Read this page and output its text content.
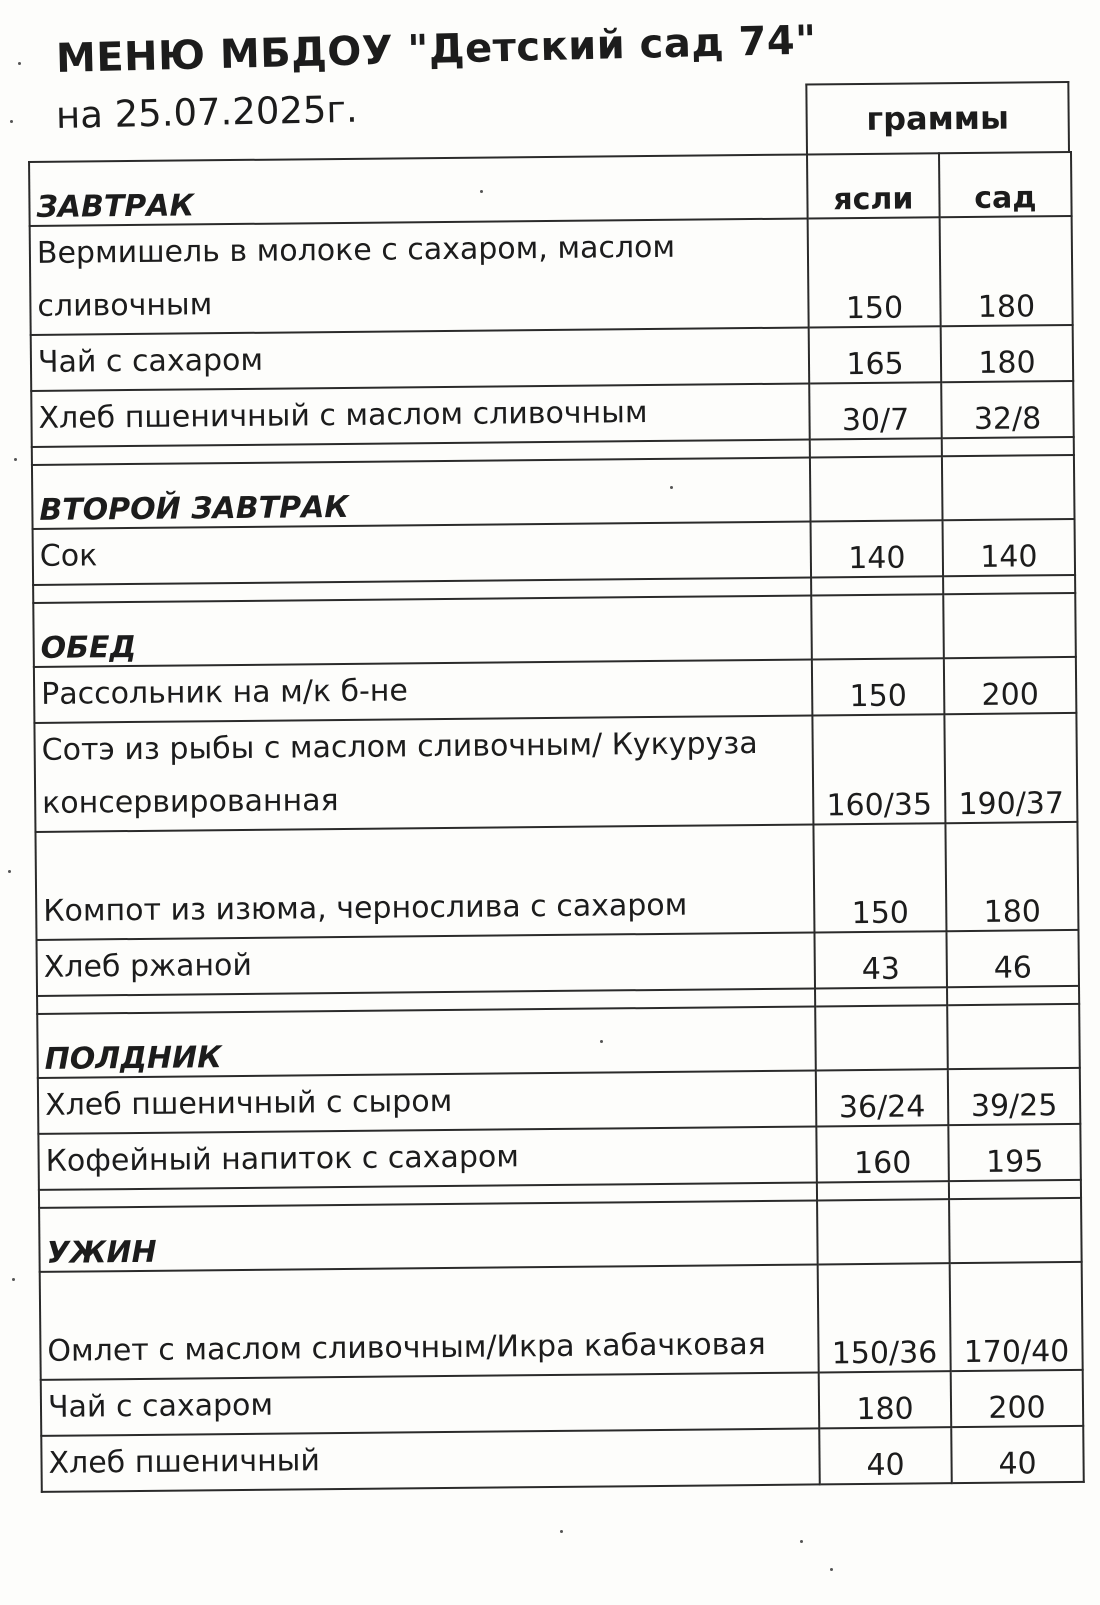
МЕНЮ МБДОУ "Детский сад 74"

на 25.07.2025г.	граммы
ЗАВТРАК	ясли	сад
Вермишель в молоке с сахаром, маслом сливочным	150	180
Чай с сахаром	165	180
Хлеб пшеничный с маслом сливочным	30/7	32/8

ВТОРОЙ ЗАВТРАК		
Сок	140	140

ОБЕД		
Рассольник на м/к б-не	150	200
Сотэ из рыбы с маслом сливочным/ Кукуруза консервированная	160/35	190/37
Компот из изюма, чернослива с сахаром	150	180
Хлеб ржаной	43	46

ПОЛДНИК		
Хлеб пшеничный с сыром	36/24	39/25
Кофейный напиток с сахаром	160	195

УЖИН		
Омлет с маслом сливочным/Икра кабачковая	150/36	170/40
Чай с сахаром	180	200
Хлеб пшеничный	40	40
